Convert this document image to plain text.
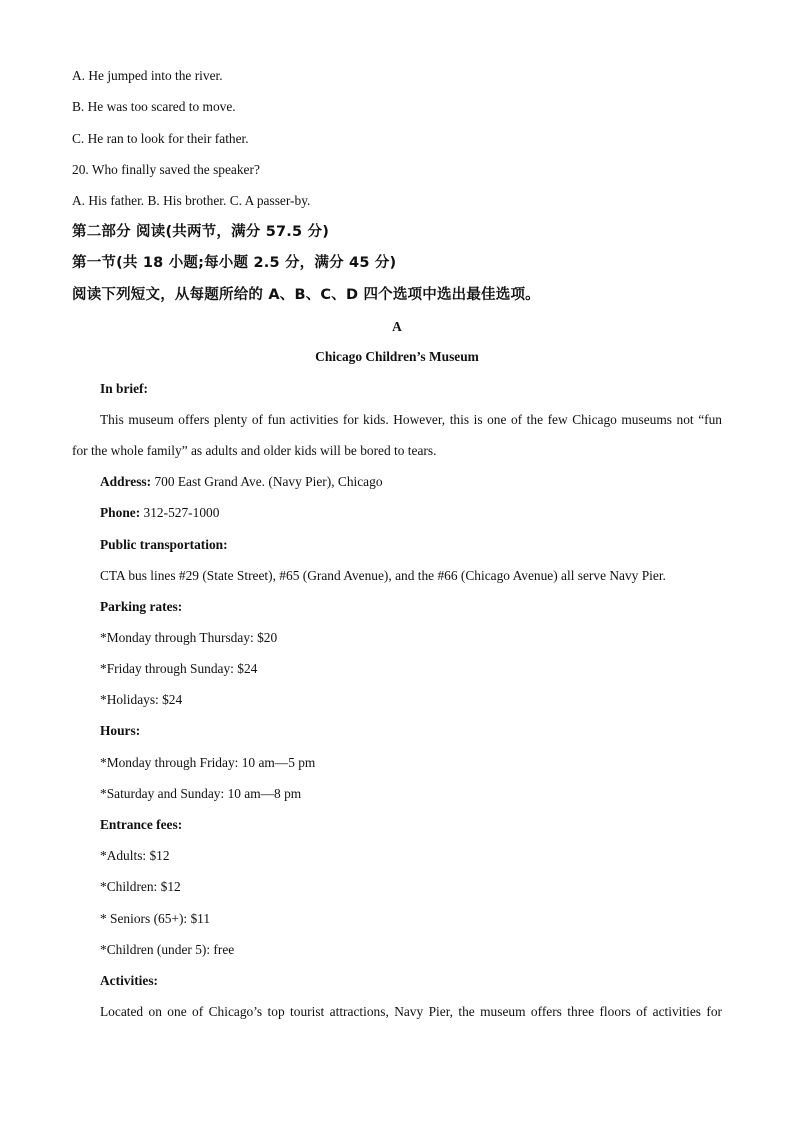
A. He jumped into the river.
B. He was too scared to move.
C. He ran to look for their father.
20. Who finally saved the speaker?
A. His father. B. His brother. C. A passer-by.
第二部分 阅读(共两节，满分 57.5 分)
第一节(共 18 小题;每小题 2.5 分，满分 45 分)
阅读下列短文，从每题所给的 A、B、C、D 四个选项中选出最佳选项。
A
Chicago Children’s Museum
In brief:
This museum offers plenty of fun activities for kids. However, this is one of the few Chicago museums not “fun
for the whole family” as adults and older kids will be bored to tears.
Address: 700 East Grand Ave. (Navy Pier), Chicago
Phone: 312-527-1000
Public transportation:
CTA bus lines #29 (State Street), #65 (Grand Avenue), and the #66 (Chicago Avenue) all serve Navy Pier.
Parking rates:
*Monday through Thursday: $20
*Friday through Sunday: $24
*Holidays: $24
Hours:
*Monday through Friday: 10 am—5 pm
*Saturday and Sunday: 10 am—8 pm
Entrance fees:
*Adults: $12
*Children: $12
* Seniors (65+): $11
*Children (under 5): free
Activities:
Located on one of Chicago’s top tourist attractions, Navy Pier, the museum offers three floors of activities for
